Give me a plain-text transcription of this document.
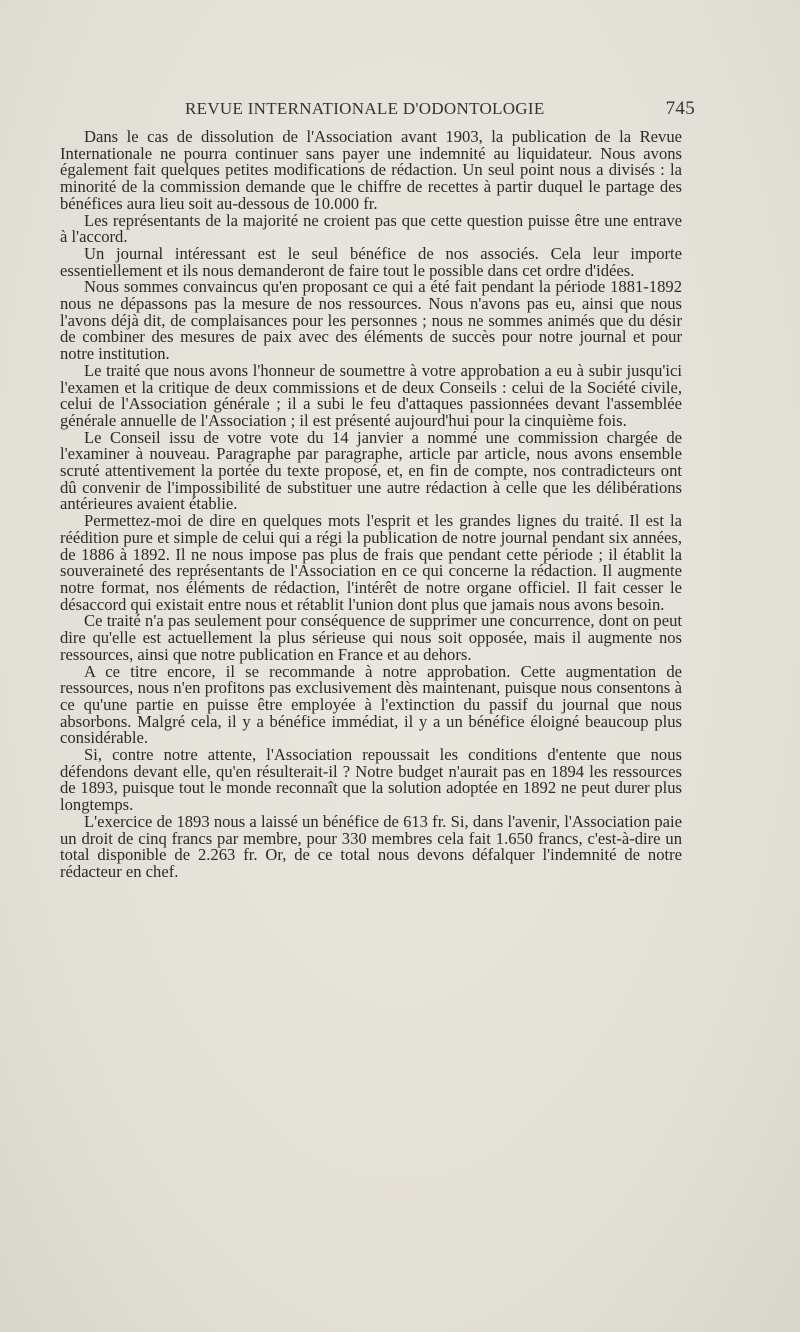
REVUE INTERNATIONALE D'ODONTOLOGIE	745

Dans le cas de dissolution de l'Association avant 1903, la publication de la Revue Internationale ne pourra continuer sans payer une indemnité au liquidateur. Nous avons également fait quelques petites modifications de rédaction. Un seul point nous a divisés : la minorité de la commission demande que le chiffre de recettes à partir duquel le partage des bénéfices aura lieu soit au-dessous de 10.000 fr.

Les représentants de la majorité ne croient pas que cette question puisse être une entrave à l'accord.

Un journal intéressant est le seul bénéfice de nos associés. Cela leur importe essentiellement et ils nous demanderont de faire tout le possible dans cet ordre d'idées.

Nous sommes convaincus qu'en proposant ce qui a été fait pendant la période 1881-1892 nous ne dépassons pas la mesure de nos ressources. Nous n'avons pas eu, ainsi que nous l'avons déjà dit, de complaisances pour les personnes ; nous ne sommes animés que du désir de combiner des mesures de paix avec des éléments de succès pour notre journal et pour notre institution.

Le traité que nous avons l'honneur de soumettre à votre approbation a eu à subir jusqu'ici l'examen et la critique de deux commissions et de deux Conseils : celui de la Société civile, celui de l'Association générale ; il a subi le feu d'attaques passionnées devant l'assemblée générale annuelle de l'Association ; il est présenté aujourd'hui pour la cinquième fois.

Le Conseil issu de votre vote du 14 janvier a nommé une commission chargée de l'examiner à nouveau. Paragraphe par paragraphe, article par article, nous avons ensemble scruté attentivement la portée du texte proposé, et, en fin de compte, nos contradicteurs ont dû convenir de l'impossibilité de substituer une autre rédaction à celle que les délibérations antérieures avaient établie.

Permettez-moi de dire en quelques mots l'esprit et les grandes lignes du traité. Il est la réédition pure et simple de celui qui a régi la publication de notre journal pendant six années, de 1886 à 1892. Il ne nous impose pas plus de frais que pendant cette période ; il établit la souveraineté des représentants de l'Association en ce qui concerne la rédaction. Il augmente notre format, nos éléments de rédaction, l'intérêt de notre organe officiel. Il fait cesser le désaccord qui existait entre nous et rétablit l'union dont plus que jamais nous avons besoin.

Ce traité n'a pas seulement pour conséquence de supprimer une concurrence, dont on peut dire qu'elle est actuellement la plus sérieuse qui nous soit opposée, mais il augmente nos ressources, ainsi que notre publication en France et au dehors.

A ce titre encore, il se recommande à notre approbation. Cette augmentation de ressources, nous n'en profitons pas exclusivement dès maintenant, puisque nous consentons à ce qu'une partie en puisse être employée à l'extinction du passif du journal que nous absorbons. Malgré cela, il y a bénéfice immédiat, il y a un bénéfice éloigné beaucoup plus considérable.

Si, contre notre attente, l'Association repoussait les conditions d'entente que nous défendons devant elle, qu'en résulterait-il ? Notre budget n'aurait pas en 1894 les ressources de 1893, puisque tout le monde reconnaît que la solution adoptée en 1892 ne peut durer plus longtemps.

L'exercice de 1893 nous a laissé un bénéfice de 613 fr. Si, dans l'avenir, l'Association paie un droit de cinq francs par membre, pour 330 membres cela fait 1.650 francs, c'est-à-dire un total disponible de 2.263 fr. Or, de ce total nous devons défalquer l'indemnité de notre rédacteur en chef.
